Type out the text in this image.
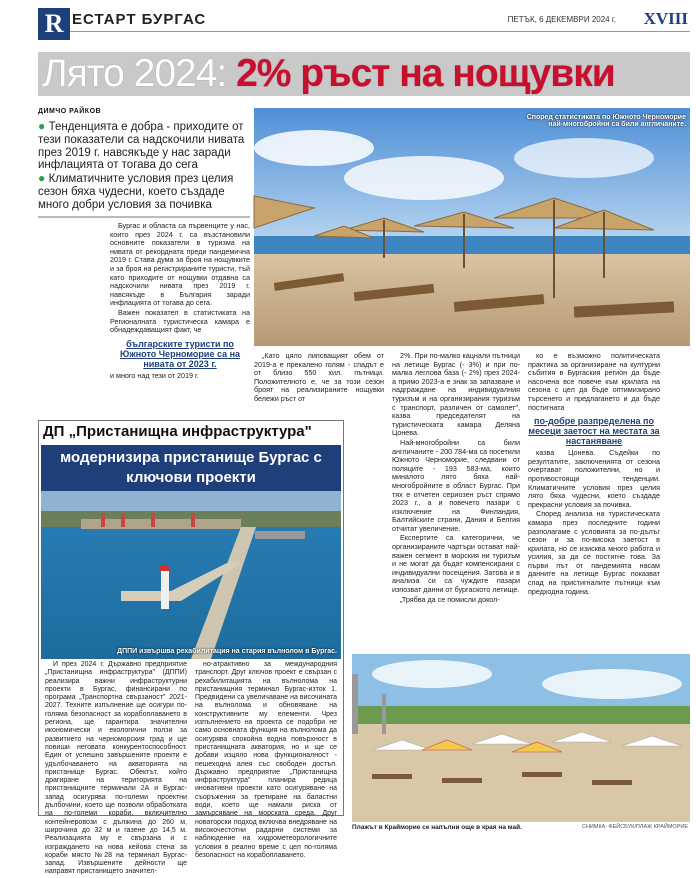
R ЕСТАРТ БУРГАС	ПЕТЪК, 6 ДЕКЕМВРИ 2024 г. XVIII
Лято 2024: 2% ръст на нощувки
ДИМЧО РАЙКОВ
● Тенденцията е добра - приходите от тези показатели са надскочили нивата през 2019 г. навсякъде у нас заради инфлацията от тогава до сега
● Климатичните условия през целия сезон бяха чудесни, което създаде много добри условия за почивка

Бургас и областа са първенците у нас, които през 2024 г. са възстановили основните показатели в туризма на нивата от рекордната преди пандемична 2019 г. Става дума за броя на нощувките и за броя на регистрираните туристи, тъй като приходите от нощувки отдавна са надскочили нивата през 2019 г. навсякъде в България заради инфлацията от тогава до сега.

Важен показател в статистиката на Регионалната туристическа камара е обнадеждаващият факт, че

българските туристи по Южното Черноморие са на нивата от 2023 г.
и много над тези от 2019 г.
Според статистиката по Южното Черноморие най-многобройни са били англичаните.

„Като цяло липсващият обем от 2019-а е прекалено голям - спадът е от близо 550 хил. пътници. Положителното е, че за този сезон броят на реализираните нощувки бележи ръст от

2%. При по-малко кацнали пътници на летище Бургас (- 3%) и при по-малка леглова база (- 2%) през 2024-а примо 2023-а е знак за запазване и надграждане на индивидуалния туризъм и на организирания туризъм с транспорт, различен от самолет", казва председателят на туристическата камара Деляна Цонева.

Най-многобройни са били англичаните - 200 784-ма са посетили Южното Черноморие, следвани от поляците - 193 583-ма, които миналото лято бяха най-многобройните в област Бургас. При тях е отчетен сериозен ръст спрямо 2023 г., а и повечето пазари с изключение на Финландия, Балтийските страни, Дания и Белгия отчитат увеличение.

Експертите са категорични, че организираните чартъри остават най-важен сегмент в морския ни туризъм и не могат да бъдат компенсирани с индивидуални посещения. Затова и в анализа си са чуждите пазари изпозват данни от бургаското летище.

„Трябва да се помисли докол-

ко е възможно политическата практика за организиране на културни събития в Бургаския регион да бъде насочена все повече към крилата на сезона с цел да бъде оптимизирано търсенето и предлагането и да бъде постигната

по-добре разпределена по месеци заетост на местата за настаняване

казва Цонева. Съдейки по резултатите, заключенията от сезона очертават положителни, но и противостоящи тенденции. Климатичните условия през целия лято бяха чудесни, което създаде прекрасни условия за почивка.

Според анализа на туристическата камара през последните години разполагаме с условията за по-дълъг сезон и за по-висока заетост в крилата, но се изисква много работа и усилия, за да се постигне това. За първи път от пандемията насам данните на летище Бургас показват спад на пристигналите пътници към предходна година.

ДП „Пристанищна инфраструктура"
модернизира пристанище Бургас с ключови проекти
ДППИ извършва рехабилитация на стария вълнолом в Бургас.

И през 2024 г. Държавно предприятие „Пристанищна инфраструктура" (ДППИ) реализира важни инфраструктурни проекти в Бургас, финансирани по програма „Транспортна свързаност" 2021-2027. Техните изпълнение ще осигури по-голяма безопасност за корабоплаването в региона, ще гарантира значителни икономически и екологични ползи за развитието на черноморския град и ще повиши неговата конкурентоспособност. Един от успешно завършените проекти е удълбочаването на акваторията на пристанище Бургас. Обектът, който драгиране на територията на пристанищните терминали 2А и Бургас-запад осигурява по-големи проектни дълбочини, което ще позволи обработката на по-големи кораби, включително контейнеровози с дължина до 260 м, широчина до 32 м и газене до 14,5 м. Реализацията му е свързана и с изграждането на нова кейова стена за кораби място №28 на терминал Бургас-запад. Извършените дейности ще направят пристанището значител-

но-атрактивно за международния транспорт. Друг ключов проект е свързан с рехабилитацията на вълнолома на пристанищния терминал Бургас-изток 1. Предвидени са увеличаване на височината на вълнолома и обновяване на конструктивните му елементи. Чрез изпълнението на проекта се подобри не само основната функция на вълнолома да осигурява спокойна водна повърхност в пристанищната акватория, но и ще се добави изцяло нова функционалност - пешеходна алея със свободен достъп. Държавно предприятие „Пристанищна инфраструктура" планира редица иновативни проекти като осигуряване на съоръжения за третиране на баластни води, което ще намали риска от замърсяване на морската среда. Друг новаторски подход включва внедряване на високочестотни радарни системи за наблюдение на хидрометеорологичните условия в реално време с цел по-голяма безопасност на корабоплаването.

Плажът в Крайморие се напълни още в края на май.	СНИМКА: ФЕЙСБУК/ПЛАЖ КРАЙМОРИЕ
